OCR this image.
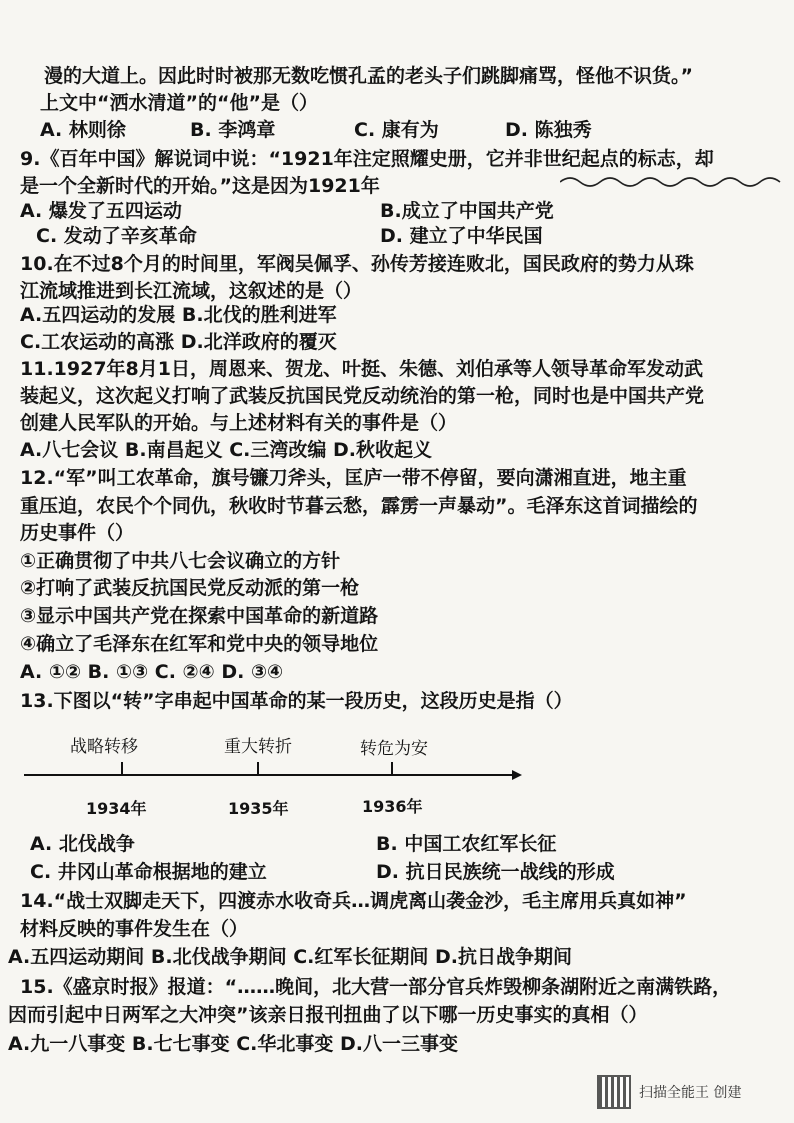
漫的大道上。因此时时被那无数吃惯孔孟的老头子们跳脚痛骂，怪他不识货。”
上文中“洒水清道”的“他”是（）
A. 林则徐	B. 李鸿章	C. 康有为	D. 陈独秀
9.《百年中国》解说词中说：“1921年注定照耀史册，它并非世纪起点的标志，却
是一个全新时代的开始。”这是因为1921年
A. 爆发了五四运动	B.成立了中国共产党
C. 发动了辛亥革命	D. 建立了中华民国
10.在不过8个月的时间里，军阀吴佩孚、孙传芳接连败北，国民政府的势力从珠
江流域推进到长江流域，这叙述的是（）
A.五四运动的发展 B.北伐的胜利进军
C.工农运动的高涨 D.北洋政府的覆灭
11.1927年8月1日，周恩来、贺龙、叶挺、朱德、刘伯承等人领导革命军发动武
装起义，这次起义打响了武装反抗国民党反动统治的第一枪，同时也是中国共产党
创建人民军队的开始。与上述材料有关的事件是（）
A.八七会议 B.南昌起义 C.三湾改编 D.秋收起义
12.“军”叫工农革命，旗号镰刀斧头，匡庐一带不停留，要向潇湘直进，地主重
重压迫，农民个个同仇，秋收时节暮云愁，霹雳一声暴动”。毛泽东这首词描绘的
历史事件（）
①正确贯彻了中共八七会议确立的方针
②打响了武装反抗国民党反动派的第一枪
③显示中国共产党在探索中国革命的新道路
④确立了毛泽东在红军和党中央的领导地位
A. ①② B. ①③ C. ②④ D. ③④
13.下图以“转”字串起中国革命的某一段历史，这段历史是指（）
战略转移	重大转折	转危为安
1934年	1935年	1936年
A. 北伐战争	B. 中国工农红军长征
C. 井冈山革命根据地的建立	D. 抗日民族统一战线的形成
14.“战士双脚走天下，四渡赤水收奇兵…调虎离山袭金沙，毛主席用兵真如神”
材料反映的事件发生在（）
A.五四运动期间 B.北伐战争期间 C.红军长征期间 D.抗日战争期间
15.《盛京时报》报道：“……晚间，北大营一部分官兵炸毁柳条湖附近之南满铁路，
因而引起中日两军之大冲突”该亲日报刊扭曲了以下哪一历史事实的真相（）
A.九一八事变 B.七七事变 C.华北事变 D.八一三事变
扫描全能王 创建
